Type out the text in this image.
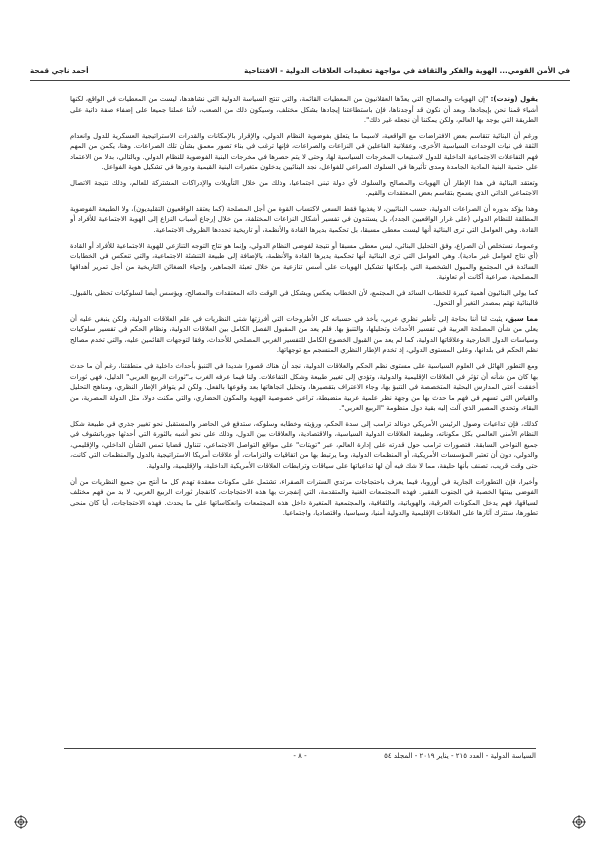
في الأمن القومي... الهوية والفكر والثقافة في مواجهة تعقيدات العلاقات الدولية - الافتتاحية
أحمد ناجي قمحة

يقول (وندت): "إن الهويات والمصالح التي يعدّها العقلانيون من المعطيات القائمة، والتي تنتج السياسة الدولية التي نشاهدها، ليست من المعطيات في الواقع، لكنها أشياء قمنا نحن بإيجادها. وبعد أن نكون قد أوجدناها، فإن باستطاعتنا إيجادها بشكل مختلف، وسيكون ذلك من الصعب، لأننا عملنا جميعا على إضفاء صفة ذاتية على الطريقة التي يوجد بها العالم، ولكن يمكننا أن نجعله غير ذلك".

ورغم أن البنائية تتقاسم بعض الافتراضات مع الواقعية، لاسيما ما يتعلق بفوضوية النظام الدولي، والإقرار بالإمكانات والقدرات الاستراتيجية العسكرية للدول وانعدام الثقة في نيات الوحدات السياسية الأخرى، وعقلانية الفاعلين في النزاعات والصراعات، فإنها ترغب في بناء تصور معمق بشأن تلك الصراعات. وهنا، يكمن من المهم فهم التفاعلات الاجتماعية الداخلية للدول لاستيعاب المخرجات السياسية لها، وحتى لا يتم حصرها في مخرجات البنية الفوضوية للنظام الدولي. وبالتالي، بدلا من الاعتماد على حتمية البنية المادية الجامدة ومدى تأثيرها في السلوك الصراعي للفواعل، نجد البنائيين يدخلون متغيرات البنية القيمية ودورها في تشكيل هوية الفواعل.

وتعتقد البنائية في هذا الإطار أن الهويات والمصالح والسلوك لأي دولة تبنى اجتماعيا، وذلك من خلال التأويلات والإدراكات المشتركة للعالم، وذلك نتيجة الاتصال الاجتماعي الذاتي الذي يسمح بتقاسم بعض المعتقدات والقيم.

وهذا يؤكد بدوره أن الصراعات الدولية، حسب البنائيين، لا يغذيها فقط السعي لاكتساب القوة من أجل المصلحة (كما يعتقد الواقعيون التقليديون)، ولا الطبيعة الفوضوية المطلقة للنظام الدولي (على غرار الواقعيين الجدد)، بل يستندون في تفسير أشكال النزاعات المختلفة، من خلال إرجاع أسباب النزاع إلى الهوية الاجتماعية للأفراد أو القادة. وهي العوامل التي ترى البنائية أنها ليست معطى مسبقا، بل تحكمية بديرها القادة والأنظمة، أو تاريخية تحددها الظروف الاجتماعية.

وعموما، نستخلص أن الصراع، وفق التحليل البنائي، ليس معطى مسبقا أو نتيجة لفوضى النظام الدولي، وإنما هو نتاج التوجه التنازعي للهوية الاجتماعية للأفراد أو القادة (أي نتاج لعوامل غير مادية). وهي العوامل التي ترى البنائية أنها تحكمية يديرها القادة والأنظمة، بالإضافة إلى طبيعة التنشئة الاجتماعية، والتي تنعكس في الخطابات السائدة في المجتمع والميول الشخصية التي بإمكانها تشكيل الهويات على أسس تنازعية من خلال تعبئة الجماهير، وإحياء الضغائن التاريخية من أجل تمرير أهدافها المصلحية، صراعية أكانت أم تعاونية.

كما يولي البنائيون أهمية كبيرة للخطاب السائد في المجتمع، لأن الخطاب يعكس ويشكل في الوقت ذاته المعتقدات والمصالح، ويؤسس أيضا لسلوكيات تحظى بالقبول. فالبنائية تهتم بمصدر التغير أو التحول.

مما سبق، يثبت لنا أننا بحاجة إلى تأطير نظري عربي، يأخذ في حسبانه كل الأطروحات التي أفرزتها شتى النظريات في علم العلاقات الدولية، ولكن ينبغي عليه أن يعلي من شأن المصلحة العربية في تفسير الأحداث وتحليلها، والتنبؤ بها. فلم يعد من المقبول الفصل الكامل بين العلاقات الدولية، ونظام الحكم في تفسير سلوكيات وسياسات الدول الخارجية وعلاقاتها الدولية، كما لم يعد من القبول الخضوع الكامل للتفسير الغربي المصلحي للأحداث، وفقا لتوجهات القائمين عليه، والتي تخدم مصالح نظم الحكم في بلدانها، وعلى المستوى الدولي، إذ تخدم الإطار النظري المنسجم مع توجهاتها.

ومع التطور الهائل في العلوم السياسية على مستوى نظم الحكم والعلاقات الدولية، نجد أن هناك قصورا شديدا في التنبؤ بأحداث داخلية في منطقتنا، رغم أن ما حدث بها كان من شأنه أن تؤثر في العلاقات الإقليمية والدولية، وتؤدي إلى تغيير طبيعة وشكل التفاعلات. ولنا فيما عرفه الغرب بـ"ثورات الربيع العربي" الدليل، فهي ثورات أخفقت أعتى المدارس البحثية المتخصصة في التنبؤ بها، وجاء الاعتراف بتقصيرها، وتحليل اتجاهاتها بعد وقوعها بالفعل. ولكن لم يتوافر الإطار النظري، ومناهج التحليل والقياس التي تسهم في فهم ما حدث بها من وجهة نظر علمية عربية منضبطة، تراعي خصوصية الهوية والمكون الحضاري، والتي مكنت دولا، مثل الدولة المصرية، من البقاء، وتحدي المصير الذي آلت إليه بقية دول منظومة "الربيع العربي".

كذلك، فإن تداعيات وصول الرئيس الأمريكي دونالد ترامب إلى سدة الحكم، ورؤيته وخطابه وسلوكه، ستدفع في الحاضر والمستقبل نحو تغيير جذري في طبيعة شكل النظام الأمني العالمي بكل مكوناته، وطبيعة العلاقات الدولية السياسية، والاقتصادية، والعلاقات بين الدول، وذلك على نحو أشبه بالثورة التي أحدثها جورباتشوف في جميع النواحي السابقة. فتصورات ترامب حول قدرته على إدارة العالم، عبر "تويتات" على مواقع التواصل الاجتماعي، تتناول قضايا تمس الشأن الداخلي، والإقليمي، والدولي، دون أن تعتبر المؤسسات الأمريكية، أو المنظمات الدولية، وما يرتبط بها من اتفاقيات والتزامات، أو علاقات أمريكا الاستراتيجية بالدول والمنظمات التي كانت، حتى وقت قريب، تصنف بأنها حليفة، مما لا شك فيه أن لها تداعياتها على سياقات وترابطات العلاقات الأمريكية الداخلية، والإقليمية، والدولية.

وأخيرا، فإن التطورات الجارية في أوروبا، فيما يعرف باحتجاجات مرتدي السترات الصفراء، تشتمل على مكونات معقدة تهدم كل ما أنتج من جميع النظريات من أن الفوضى بينتها الخصبة في الجنوب الفقير. فهذه المجتمعات الغنية والمتقدمة، التي إنفجرت بها هذه الاحتجاجات، كانفجار ثورات الربيع العربي، لا بد من فهم مختلف لسياقها، فهم يدخل المكونات العرقية، والهوياتية، والثقافية، والمجتمعية المتغيرة داخل هذه المجتمعات وانعكاساتها على ما يحدث. فهذه الاحتجاجات، أيا كان منحى تطورها، ستترك آثارها على العلاقات الإقليمية والدولية أمنيا، وسياسيا، واقتصاديا، واجتماعيا.

السياسة الدولية - العدد ٢١٥ - يناير ٢٠١٩ - المجلد ٥٤
- ٨ -
